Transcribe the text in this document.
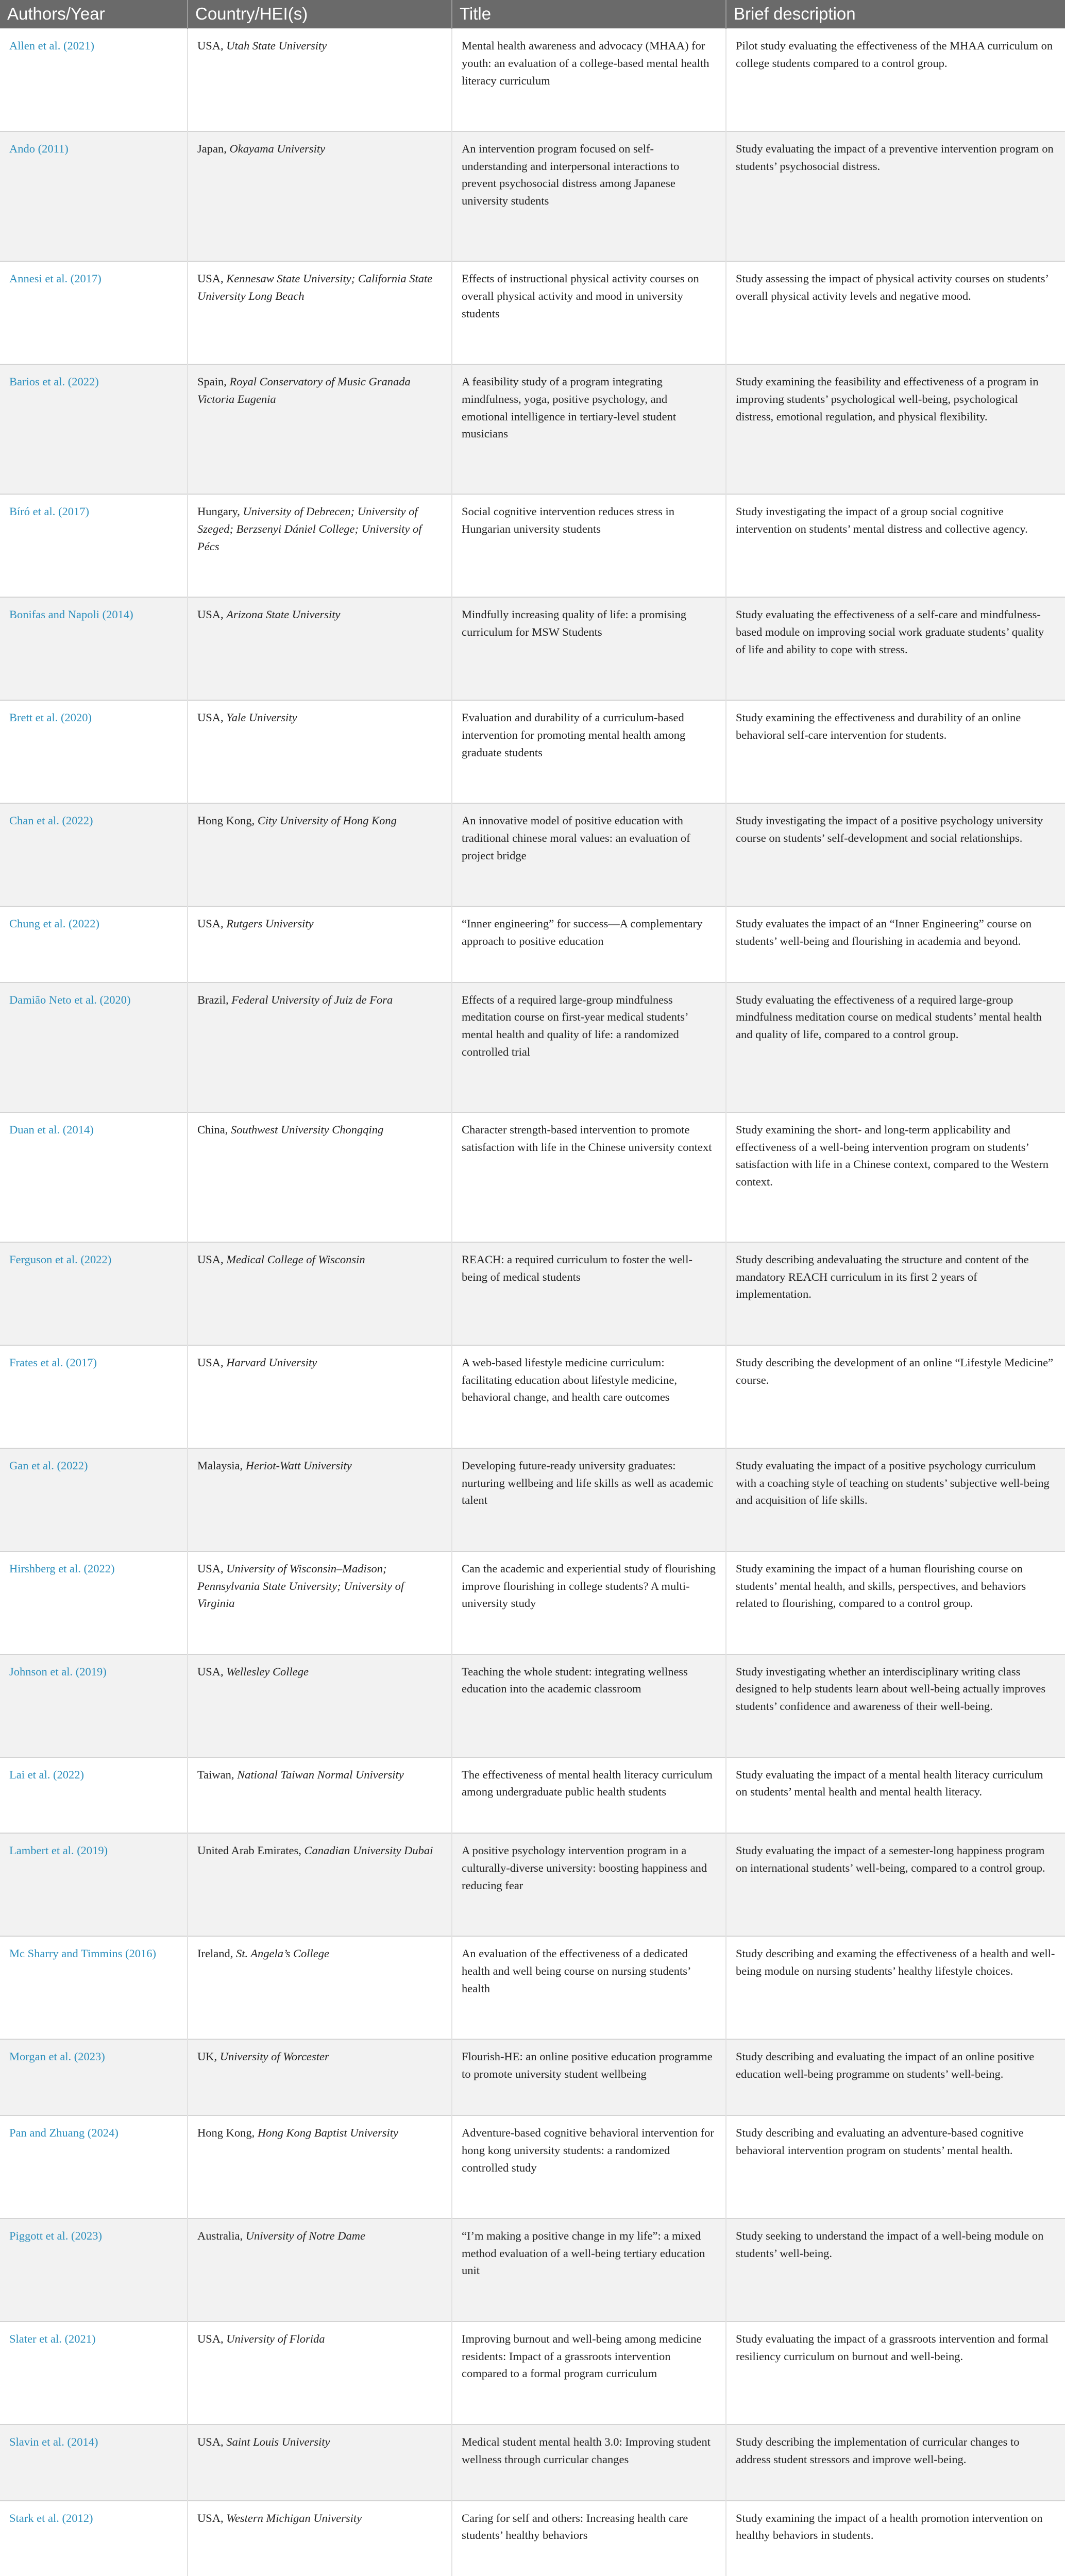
Authors/Year	Country/HEI(s)	Title	Brief description
Allen et al. (2021)	USA, Utah State University	Mental health awareness and advocacy (MHAA) for youth: an evaluation of a college-based mental health literacy curriculum	Pilot study evaluating the effectiveness of the MHAA curriculum on college students compared to a control group.
Ando (2011)	Japan, Okayama University	An intervention program focused on self-understanding and interpersonal interactions to prevent psychosocial distress among Japanese university students	Study evaluating the impact of a preventive intervention program on students’ psychosocial distress.
Annesi et al. (2017)	USA, Kennesaw State University; California State University Long Beach	Effects of instructional physical activity courses on overall physical activity and mood in university students	Study assessing the impact of physical activity courses on students’ overall physical activity levels and negative mood.
Barios et al. (2022)	Spain, Royal Conservatory of Music Granada Victoria Eugenia	A feasibility study of a program integrating mindfulness, yoga, positive psychology, and emotional intelligence in tertiary-level student musicians	Study examining the feasibility and effectiveness of a program in improving students’ psychological well-being, psychological distress, emotional regulation, and physical flexibility.
Bíró et al. (2017)	Hungary, University of Debrecen; University of Szeged; Berzsenyi Dániel College; University of Pécs	Social cognitive intervention reduces stress in Hungarian university students	Study investigating the impact of a group social cognitive intervention on students’ mental distress and collective agency.
Bonifas and Napoli (2014)	USA, Arizona State University	Mindfully increasing quality of life: a promising curriculum for MSW Students	Study evaluating the effectiveness of a self-care and mindfulness-based module on improving social work graduate students’ quality of life and ability to cope with stress.
Brett et al. (2020)	USA, Yale University	Evaluation and durability of a curriculum-based intervention for promoting mental health among graduate students	Study examining the effectiveness and durability of an online behavioral self-care intervention for students.
Chan et al. (2022)	Hong Kong, City University of Hong Kong	An innovative model of positive education with traditional chinese moral values: an evaluation of project bridge	Study investigating the impact of a positive psychology university course on students’ self-development and social relationships.
Chung et al. (2022)	USA, Rutgers University	“Inner engineering” for success—A complementary approach to positive education	Study evaluates the impact of an “Inner Engineering” course on students’ well-being and flourishing in academia and beyond.
Damião Neto et al. (2020)	Brazil, Federal University of Juiz de Fora	Effects of a required large-group mindfulness meditation course on first-year medical students’ mental health and quality of life: a randomized controlled trial	Study evaluating the effectiveness of a required large-group mindfulness meditation course on medical students’ mental health and quality of life, compared to a control group.
Duan et al. (2014)	China, Southwest University Chongqing	Character strength-based intervention to promote satisfaction with life in the Chinese university context	Study examining the short- and long-term applicability and effectiveness of a well-being intervention program on students’ satisfaction with life in a Chinese context, compared to the Western context.
Ferguson et al. (2022)	USA, Medical College of Wisconsin	REACH: a required curriculum to foster the well-being of medical students	Study describing andevaluating the structure and content of the mandatory REACH curriculum in its first 2 years of implementation.
Frates et al. (2017)	USA, Harvard University	A web-based lifestyle medicine curriculum: facilitating education about lifestyle medicine, behavioral change, and health care outcomes	Study describing the development of an online “Lifestyle Medicine” course.
Gan et al. (2022)	Malaysia, Heriot-Watt University	Developing future-ready university graduates: nurturing wellbeing and life skills as well as academic talent	Study evaluating the impact of a positive psychology curriculum with a coaching style of teaching on students’ subjective well-being and acquisition of life skills.
Hirshberg et al. (2022)	USA, University of Wisconsin–Madison; Pennsylvania State University; University of Virginia	Can the academic and experiential study of flourishing improve flourishing in college students? A multi-university study	Study examining the impact of a human flourishing course on students’ mental health, and skills, perspectives, and behaviors related to flourishing, compared to a control group.
Johnson et al. (2019)	USA, Wellesley College	Teaching the whole student: integrating wellness education into the academic classroom	Study investigating whether an interdisciplinary writing class designed to help students learn about well-being actually improves students’ confidence and awareness of their well-being.
Lai et al. (2022)	Taiwan, National Taiwan Normal University	The effectiveness of mental health literacy curriculum among undergraduate public health students	Study evaluating the impact of a mental health literacy curriculum on students’ mental health and mental health literacy.
Lambert et al. (2019)	United Arab Emirates, Canadian University Dubai	A positive psychology intervention program in a culturally-diverse university: boosting happiness and reducing fear	Study evaluating the impact of a semester-long happiness program on international students’ well-being, compared to a control group.
Mc Sharry and Timmins (2016)	Ireland, St. Angela’s College	An evaluation of the effectiveness of a dedicated health and well being course on nursing students’ health	Study describing and examing the effectiveness of a health and well-being module on nursing students’ healthy lifestyle choices.
Morgan et al. (2023)	UK, University of Worcester	Flourish-HE: an online positive education programme to promote university student wellbeing	Study describing and evaluating the impact of an online positive education well-being programme on students’ well-being.
Pan and Zhuang (2024)	Hong Kong, Hong Kong Baptist University	Adventure-based cognitive behavioral intervention for hong kong university students: a randomized controlled study	Study describing and evaluating an adventure-based cognitive behavioral intervention program on students’ mental health.
Piggott et al. (2023)	Australia, University of Notre Dame	“I’m making a positive change in my life”: a mixed method evaluation of a well-being tertiary education unit	Study seeking to understand the impact of a well-being module on students’ well-being.
Slater et al. (2021)	USA, University of Florida	Improving burnout and well-being among medicine residents: Impact of a grassroots intervention compared to a formal program curriculum	Study evaluating the impact of a grassroots intervention and formal resiliency curriculum on burnout and well-being.
Slavin et al. (2014)	USA, Saint Louis University	Medical student mental health 3.0: Improving student wellness through curricular changes	Study describing the implementation of curricular changes to address student stressors and improve well-being.
Stark et al. (2012)	USA, Western Michigan University	Caring for self and others: Increasing health care students’ healthy behaviors	Study examining the impact of a health promotion intervention on healthy behaviors in students.
